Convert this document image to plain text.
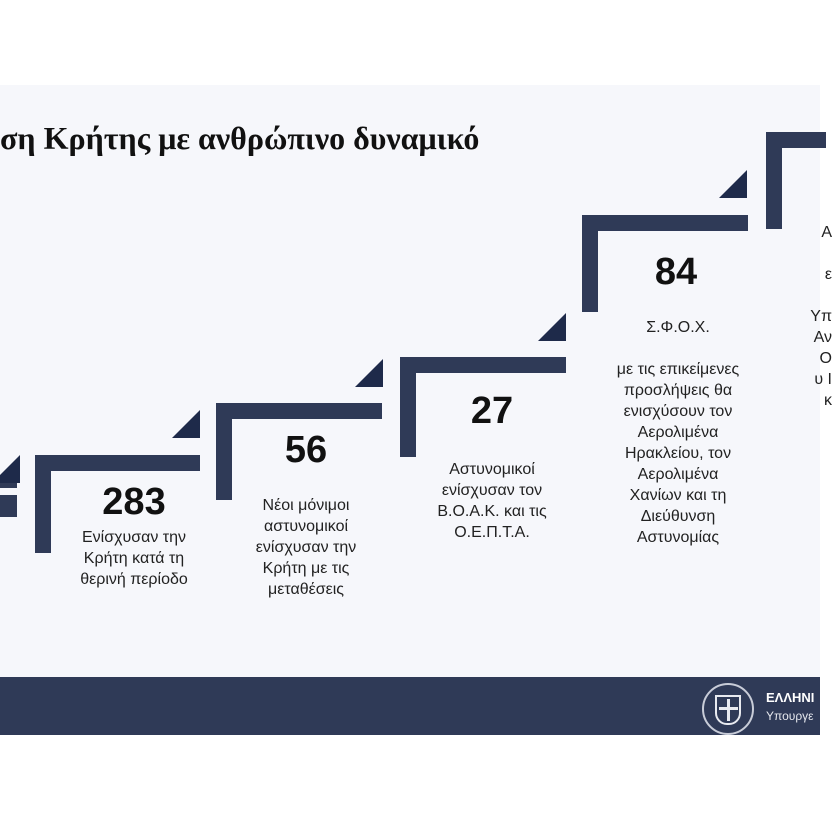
ση Κρήτης με ανθρώπινο δυναμικό
283
Ενίσχυσαν την
Κρήτη κατά τη
θερινή περίοδο
56
Νέοι μόνιμοι
αστυνομικοί
ενίσχυσαν την
Κρήτη με τις
μεταθέσεις
27
Αστυνομικοί
ενίσχυσαν τον
Β.Ο.Α.Κ. και τις
Ο.Ε.Π.Τ.Α.
84
Σ.Φ.Ο.Χ.

με τις επικείμενες
προσλήψεις θα
ενισχύσουν τον
Αερολιμένα
Ηρακλείου, τον
Αερολιμένα
Χανίων και τη
Διεύθυνση
Αστυνομίας
Α

ε

Υπ
Αν
Ο
υ Ι
κ
ΕΛΛΗΝΙ
Υπουργε
